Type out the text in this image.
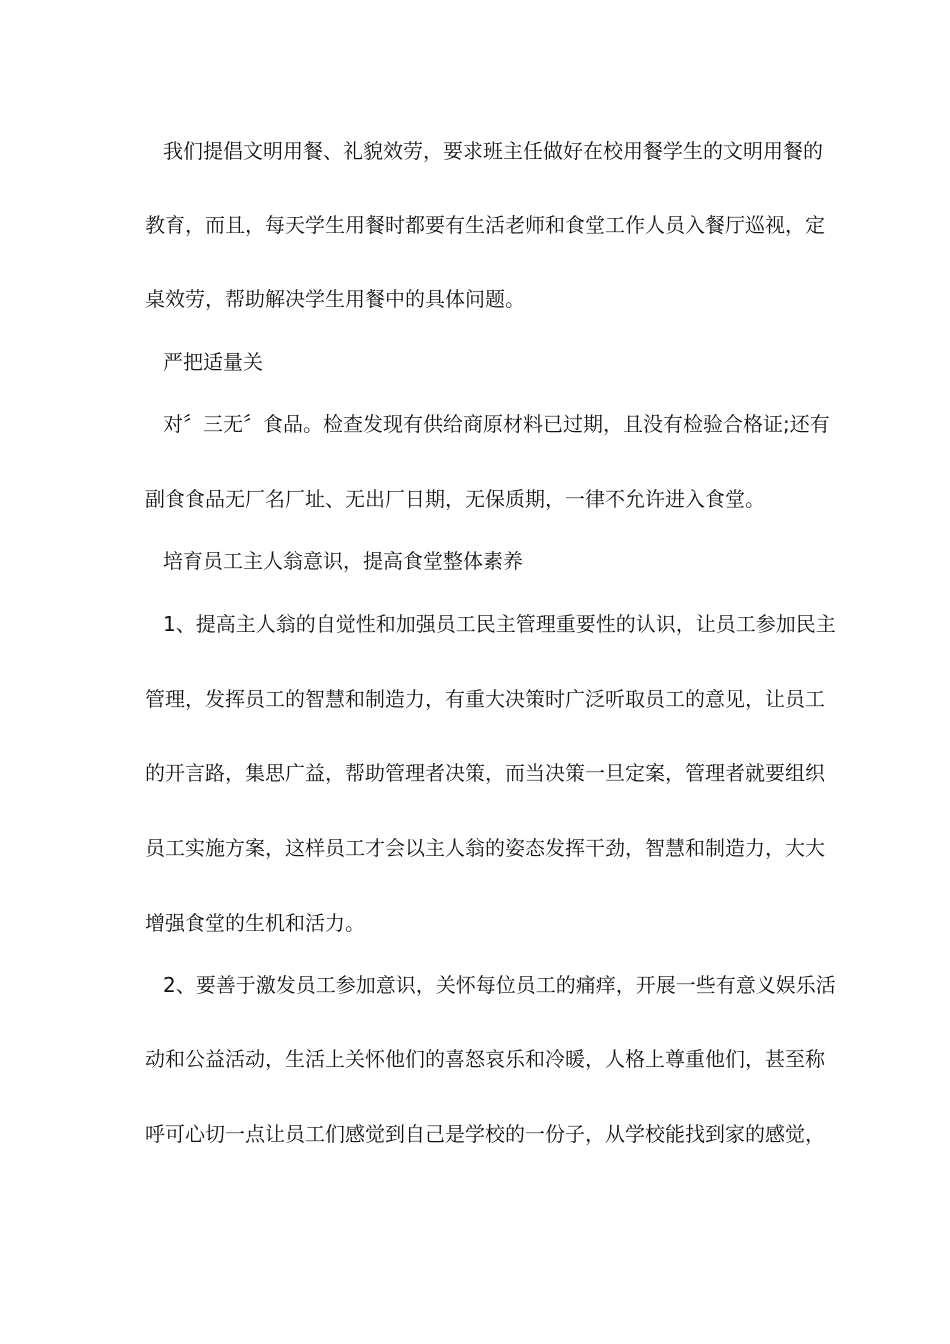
我们提倡文明用餐、礼貌效劳，要求班主任做好在校用餐学生的文明用餐的
教育，而且，每天学生用餐时都要有生活老师和食堂工作人员入餐厅巡视，定
桌效劳，帮助解决学生用餐中的具体问题。
严把适量关
对〞三无〞食品。检查发现有供给商原材料已过期，且没有检验合格证;还有
副食食品无厂名厂址、无出厂日期，无保质期，一律不允许进入食堂。
培育员工主人翁意识，提高食堂整体素养
1、提高主人翁的自觉性和加强员工民主管理重要性的认识，让员工参加民主
管理，发挥员工的智慧和制造力，有重大决策时广泛听取员工的意见，让员工
的开言路，集思广益，帮助管理者决策，而当决策一旦定案，管理者就要组织
员工实施方案，这样员工才会以主人翁的姿态发挥干劲，智慧和制造力，大大
增强食堂的生机和活力。
2、要善于激发员工参加意识，关怀每位员工的痛痒，开展一些有意义娱乐活
动和公益活动，生活上关怀他们的喜怒哀乐和冷暖，人格上尊重他们，甚至称
呼可心切一点让员工们感觉到自己是学校的一份子，从学校能找到家的感觉，
